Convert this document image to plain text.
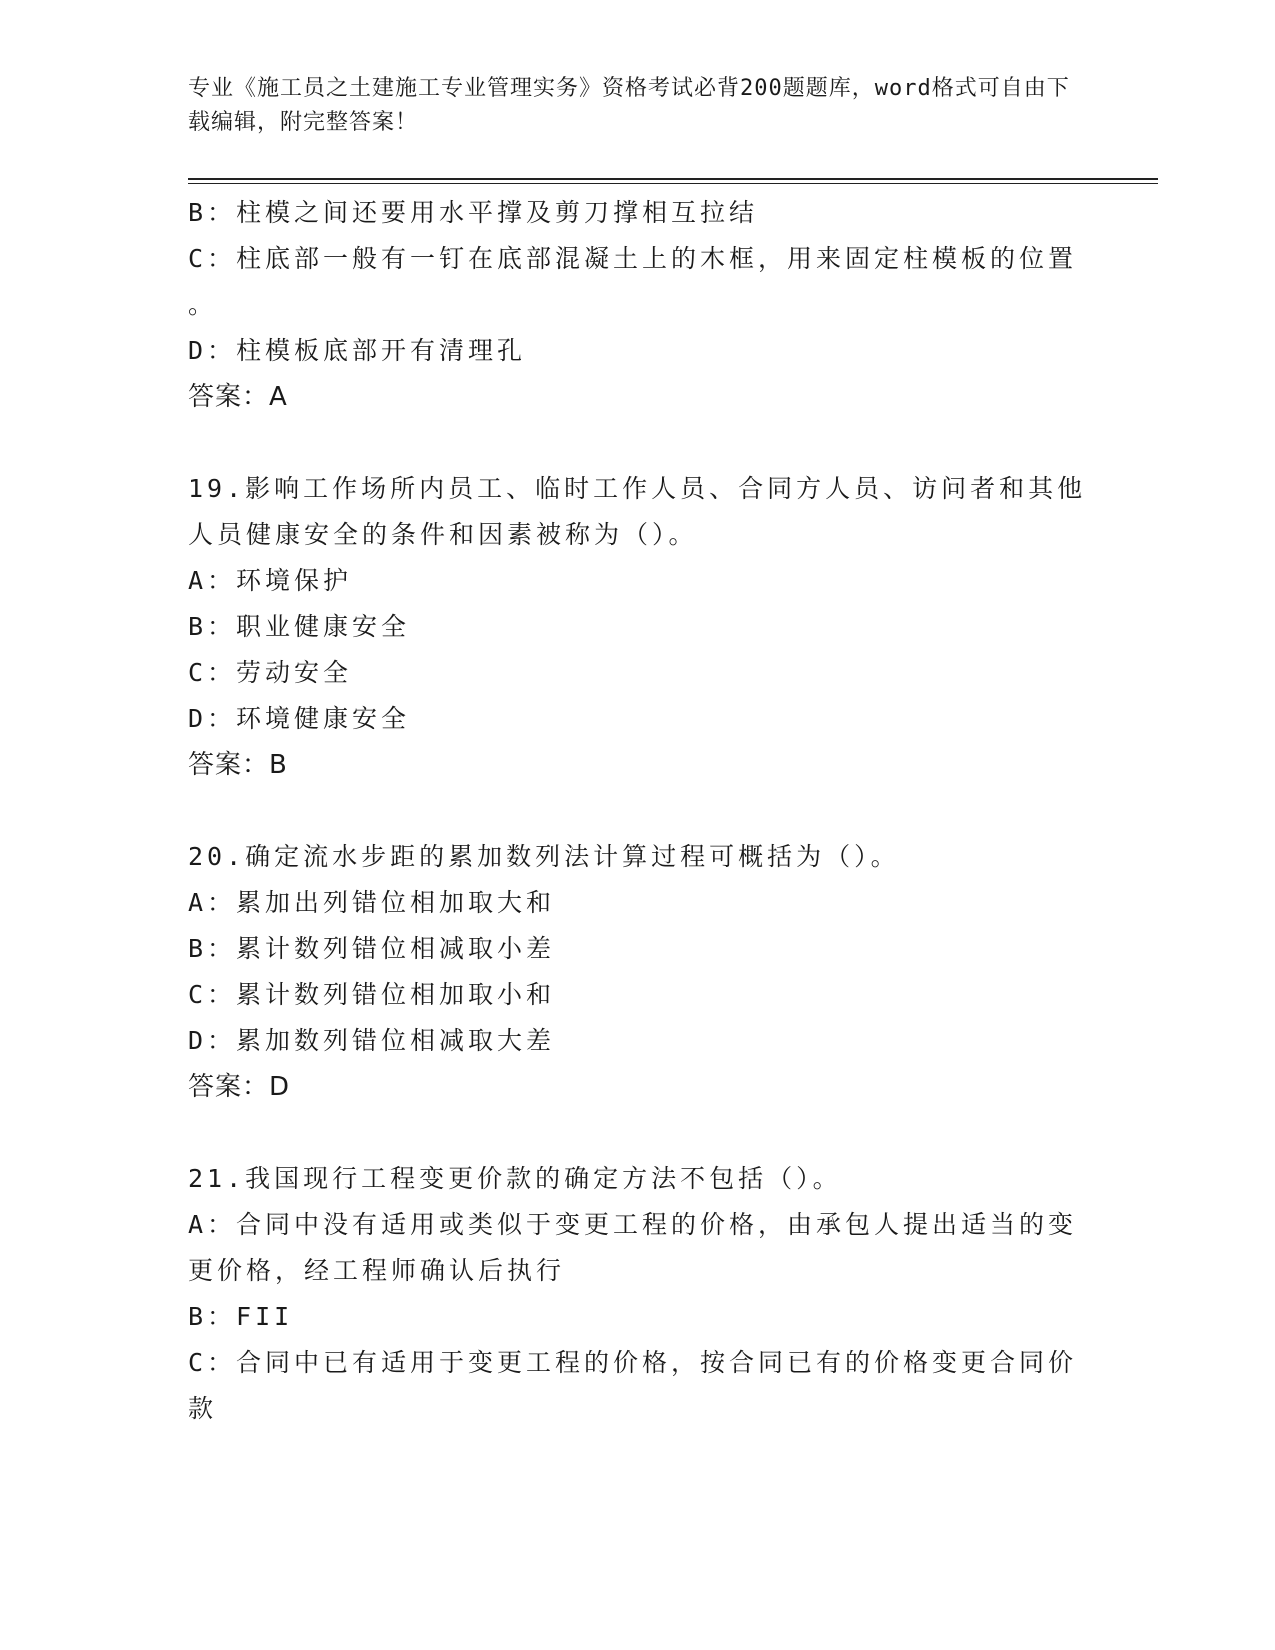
专业《施工员之土建施工专业管理实务》资格考试必背200题题库，word格式可自由下载编辑，附完整答案！
B：柱模之间还要用水平撑及剪刀撑相互拉结
C：柱底部一般有一钉在底部混凝土上的木框，用来固定柱模板的位置
。
D：柱模板底部开有清理孔
答案：A
19.影响工作场所内员工、临时工作人员、合同方人员、访问者和其他人员健康安全的条件和因素被称为（）。
A：环境保护
B：职业健康安全
C：劳动安全
D：环境健康安全
答案：B
20.确定流水步距的累加数列法计算过程可概括为（）。
A：累加出列错位相加取大和
B：累计数列错位相减取小差
C：累计数列错位相加取小和
D：累加数列错位相减取大差
答案：D
21.我国现行工程变更价款的确定方法不包括（）。
A：合同中没有适用或类似于变更工程的价格，由承包人提出适当的变更价格，经工程师确认后执行
B：FII
C：合同中已有适用于变更工程的价格，按合同已有的价格变更合同价款
